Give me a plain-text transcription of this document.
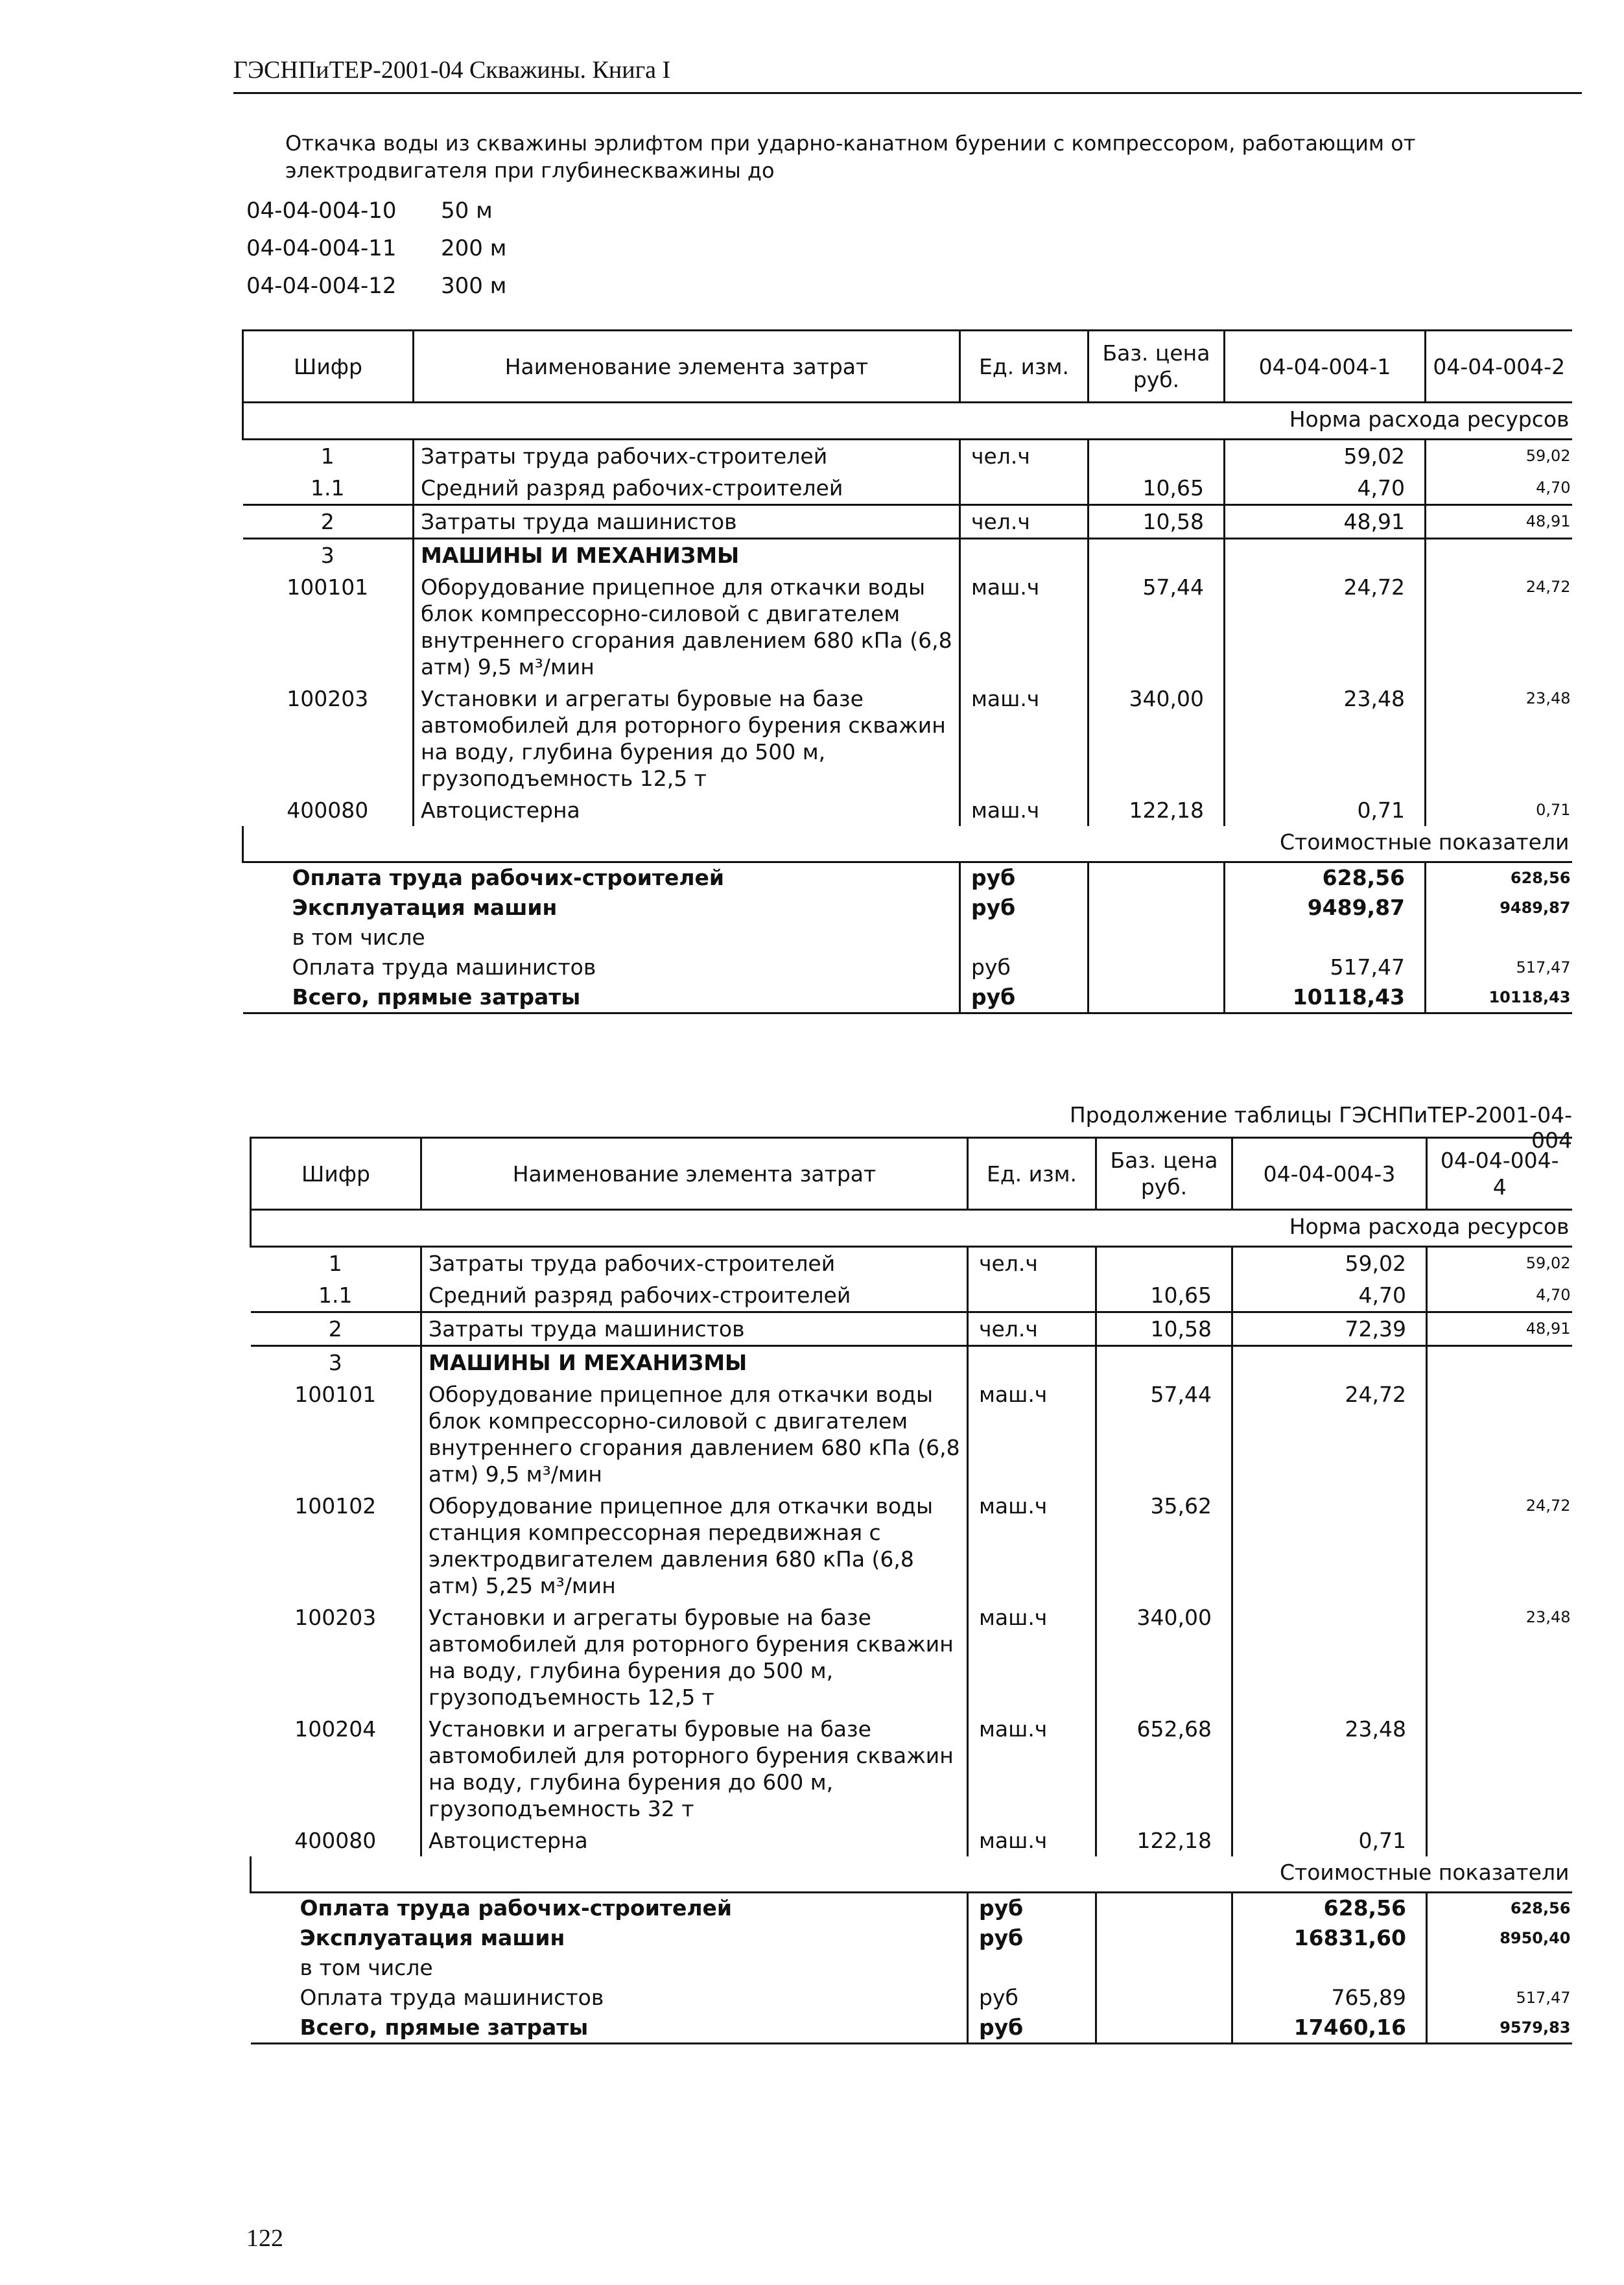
ГЭСНПиТЕР-2001-04 Скважины. Книга I
Откачка воды из скважины эрлифтом при ударно-канатном бурении с компрессором, работающим от электродвигателя при глубинескважины до
04-04-004-10	50 м
04-04-004-11	200 м
04-04-004-12	300 м
Шифр	Наименование элемента затрат	Ед. изм.	Баз. цена руб.	04-04-004-1	04-04-004-2
Норма расхода ресурсов					
1	Затраты труда рабочих-строителей	чел.ч		59,02	59,02
1.1	Средний разряд рабочих-строителей		10,65	4,70	4,70
2	Затраты труда машинистов	чел.ч	10,58	48,91	48,91
3	МАШИНЫ И МЕХАНИЗМЫ				
100101	Оборудование прицепное для откачки воды блок компрессорно-силовой с двигателем внутреннего сгорания давлением 680 кПа (6,8 атм) 9,5 м³/мин	маш.ч	57,44	24,72	24,72
100203	Установки и агрегаты буровые на базе автомобилей для роторного бурения скважин на воду, глубина бурения до 500 м, грузоподъемность 12,5 т	маш.ч	340,00	23,48	23,48
400080	Автоцистерна	маш.ч	122,18	0,71	0,71
Стоимостные показатели					
Оплата труда рабочих-строителей		руб		628,56	628,56
Эксплуатация машин		руб		9489,87	9489,87
в том числе					
Оплата труда машинистов		руб		517,47	517,47
Всего, прямые затраты		руб		10118,43	10118,43
Продолжение таблицы ГЭСНПиТЕР-2001-04-004
Шифр	Наименование элемента затрат	Ед. изм.	Баз. цена руб.	04-04-004-3	04-04-004-4
Норма расхода ресурсов					
1	Затраты труда рабочих-строителей	чел.ч		59,02	59,02
1.1	Средний разряд рабочих-строителей		10,65	4,70	4,70
2	Затраты труда машинистов	чел.ч	10,58	72,39	48,91
3	МАШИНЫ И МЕХАНИЗМЫ				
100101	Оборудование прицепное для откачки воды блок компрессорно-силовой с двигателем внутреннего сгорания давлением 680 кПа (6,8 атм) 9,5 м³/мин	маш.ч	57,44	24,72	
100102	Оборудование прицепное для откачки воды станция компрессорная передвижная с электродвигателем давления 680 кПа (6,8 атм) 5,25 м³/мин	маш.ч	35,62		24,72
100203	Установки и агрегаты буровые на базе автомобилей для роторного бурения скважин на воду, глубина бурения до 500 м, грузоподъемность 12,5 т	маш.ч	340,00		23,48
100204	Установки и агрегаты буровые на базе автомобилей для роторного бурения скважин на воду, глубина бурения до 600 м, грузоподъемность 32 т	маш.ч	652,68	23,48	
400080	Автоцистерна	маш.ч	122,18	0,71	
Стоимостные показатели					
Оплата труда рабочих-строителей		руб		628,56	628,56
Эксплуатация машин		руб		16831,60	8950,40
в том числе					
Оплата труда машинистов		руб		765,89	517,47
Всего, прямые затраты		руб		17460,16	9579,83
122
